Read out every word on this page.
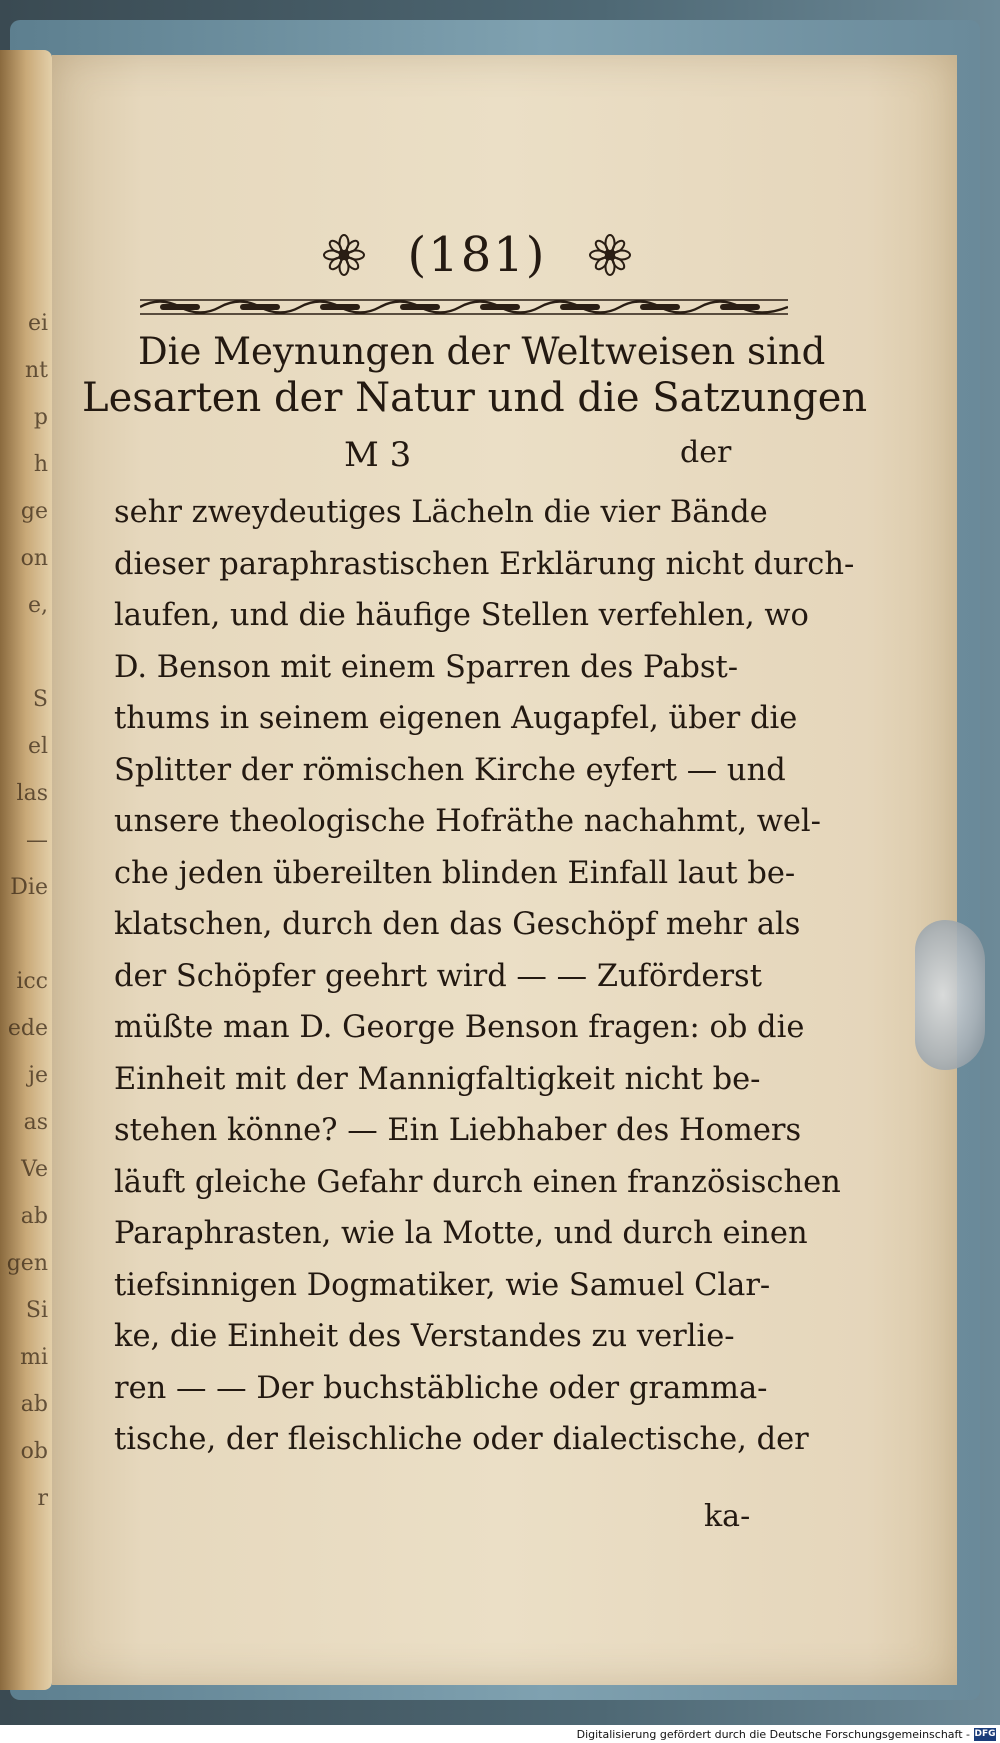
ei
nt
p
h
ge
on
e,

S
el
las
—
Die

icc
ede
je
as
Ve
ab
gen
Si
mi
ab
ob
r
(181)
Die Meynungen der Weltweisen sind
Lesarten der Natur und die Satzungen
M 3	der
sehr zweydeutiges Lächeln die vier Bände
dieser paraphrastischen Erklärung nicht durch-
laufen, und die häufige Stellen verfehlen, wo
D. Benson mit einem Sparren des Pabst-
thums in seinem eigenen Augapfel, über die
Splitter der römischen Kirche eyfert — und
unsere theologische Hofräthe nachahmt, wel-
che jeden übereilten blinden Einfall laut be-
klatschen, durch den das Geschöpf mehr als
der Schöpfer geehrt wird — — Zuförderst
müßte man D. George Benson fragen: ob die
Einheit mit der Mannigfaltigkeit nicht be-
stehen könne? — Ein Liebhaber des Homers
läuft gleiche Gefahr durch einen französischen
Paraphrasten, wie la Motte, und durch einen
tiefsinnigen Dogmatiker, wie Samuel Clar-
ke, die Einheit des Verstandes zu verlie-
ren — — Der buchstäbliche oder gramma-
tische, der fleischliche oder dialectische, der
ka-
Digitalisierung gefördert durch die Deutsche Forschungsgemeinschaft - DFG
